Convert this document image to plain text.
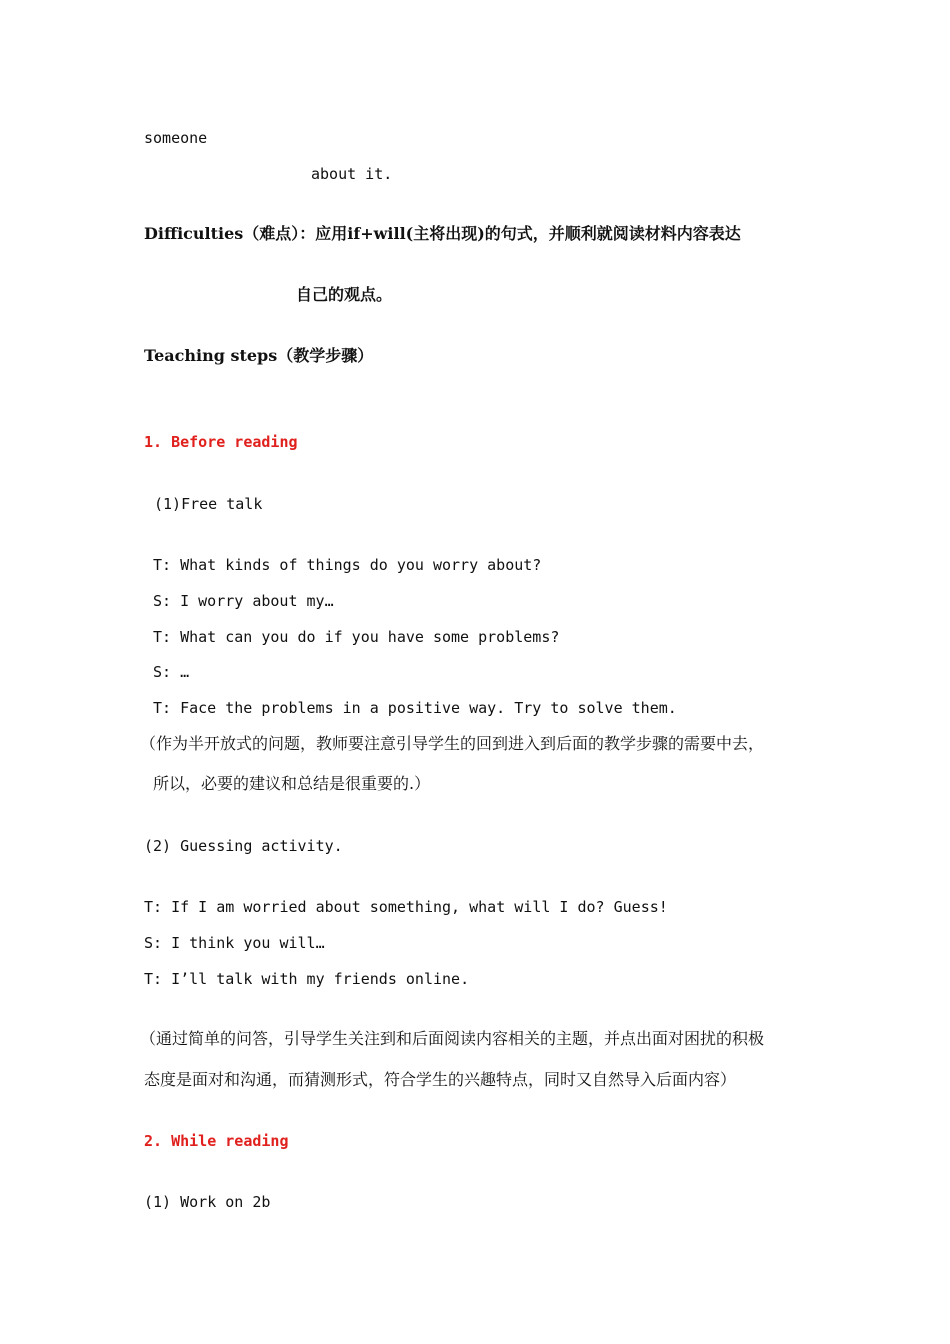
someone
about it.
Difficulties（难点）：应用if+will(主将出现)的句式，并顺利就阅读材料内容表达
自己的观点。
Teaching steps（教学步骤）
1. Before reading
(1)Free talk
T: What kinds of things do you worry about?
S: I worry about my…
T: What can you do if you have some problems?
S: …
T: Face the problems in a positive way. Try to solve them.
（作为半开放式的问题，教师要注意引导学生的回到进入到后面的教学步骤的需要中去，
所以，必要的建议和总结是很重要的.）
(2) Guessing activity.
T: If I am worried about something, what will I do? Guess!
S: I think you will…
T: I’ll talk with my friends online.
（通过简单的问答，引导学生关注到和后面阅读内容相关的主题，并点出面对困扰的积极
态度是面对和沟通，而猜测形式，符合学生的兴趣特点，同时又自然导入后面内容）
2. While reading
(1) Work on 2b
